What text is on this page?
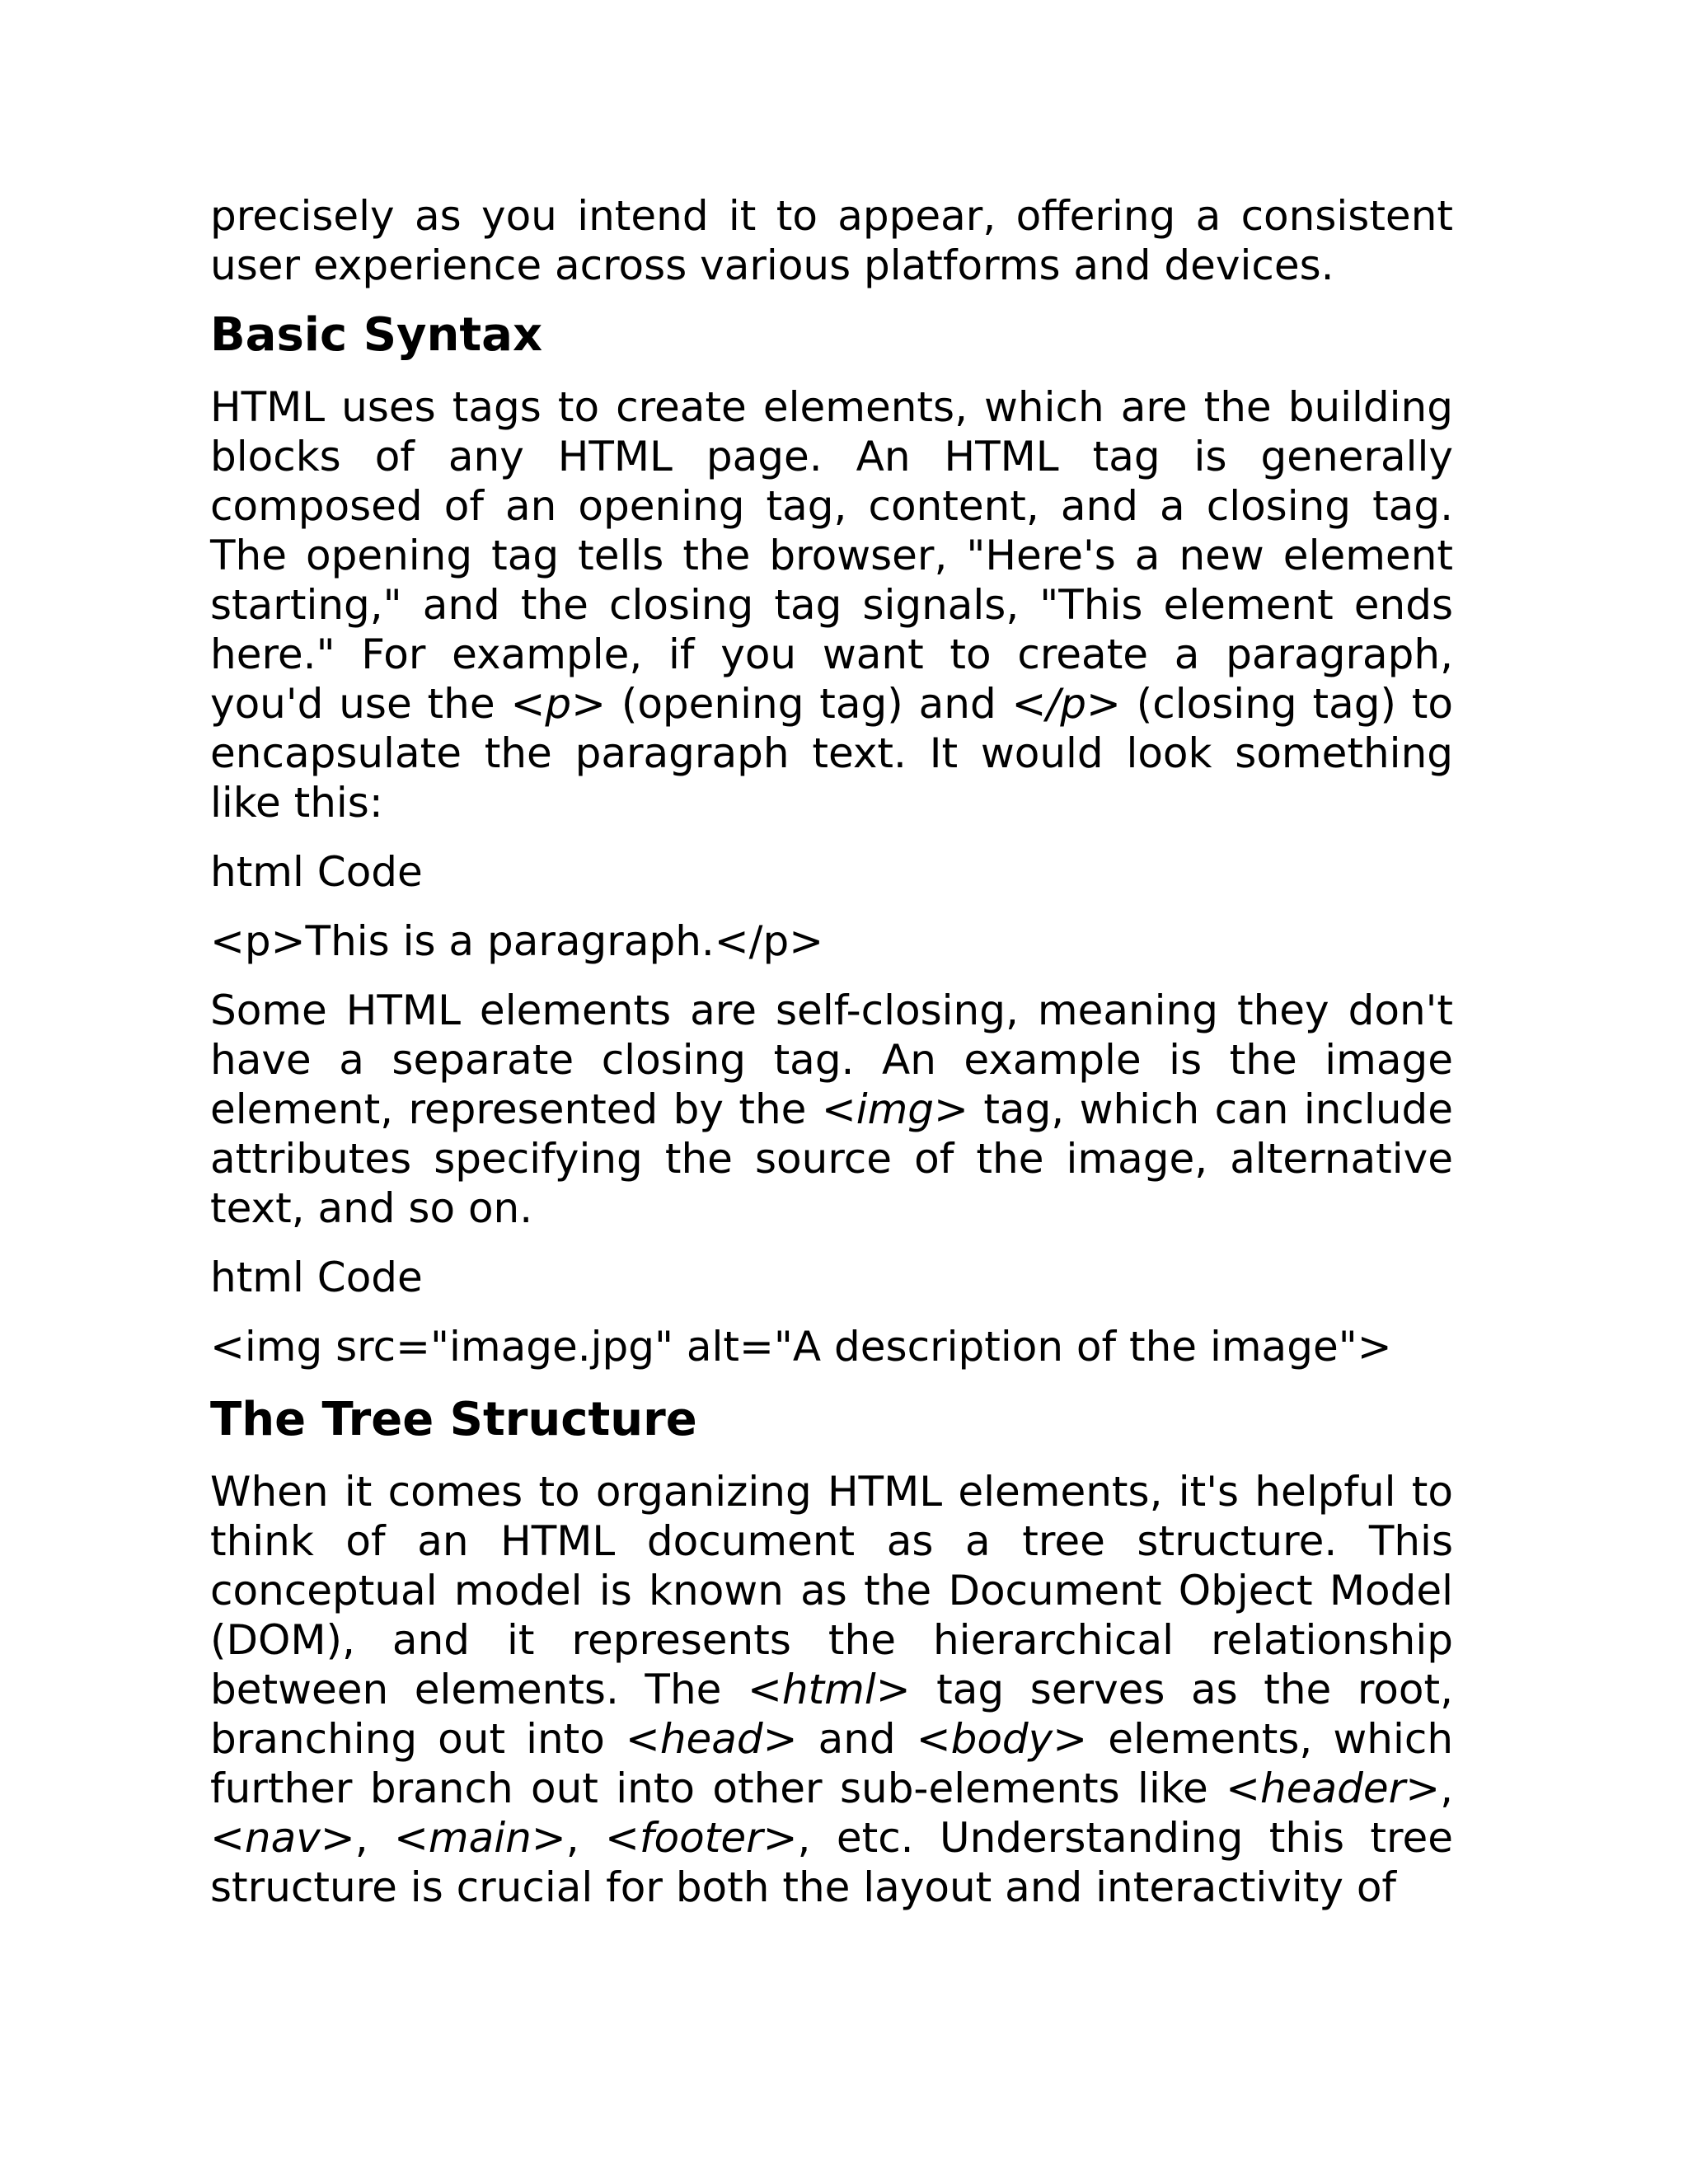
precisely as you intend it to appear, offering a consistent user experience across various platforms and devices.

Basic Syntax

HTML uses tags to create elements, which are the building blocks of any HTML page. An HTML tag is generally composed of an opening tag, content, and a closing tag. The opening tag tells the browser, "Here's a new element starting," and the closing tag signals, "This element ends here." For example, if you want to create a paragraph, you'd use the <p> (opening tag) and </p> (closing tag) to encapsulate the paragraph text. It would look something like this:

html Code

<p>This is a paragraph.</p>

Some HTML elements are self-closing, meaning they don't have a separate closing tag. An example is the image element, represented by the <img> tag, which can include attributes specifying the source of the image, alternative text, and so on.

html Code

<img src="image.jpg" alt="A description of the image">

The Tree Structure

When it comes to organizing HTML elements, it's helpful to think of an HTML document as a tree structure. This conceptual model is known as the Document Object Model (DOM), and it represents the hierarchical relationship between elements. The <html> tag serves as the root, branching out into <head> and <body> elements, which further branch out into other sub-elements like <header>, <nav>, <main>, <footer>, etc. Understanding this tree structure is crucial for both the layout and interactivity of
